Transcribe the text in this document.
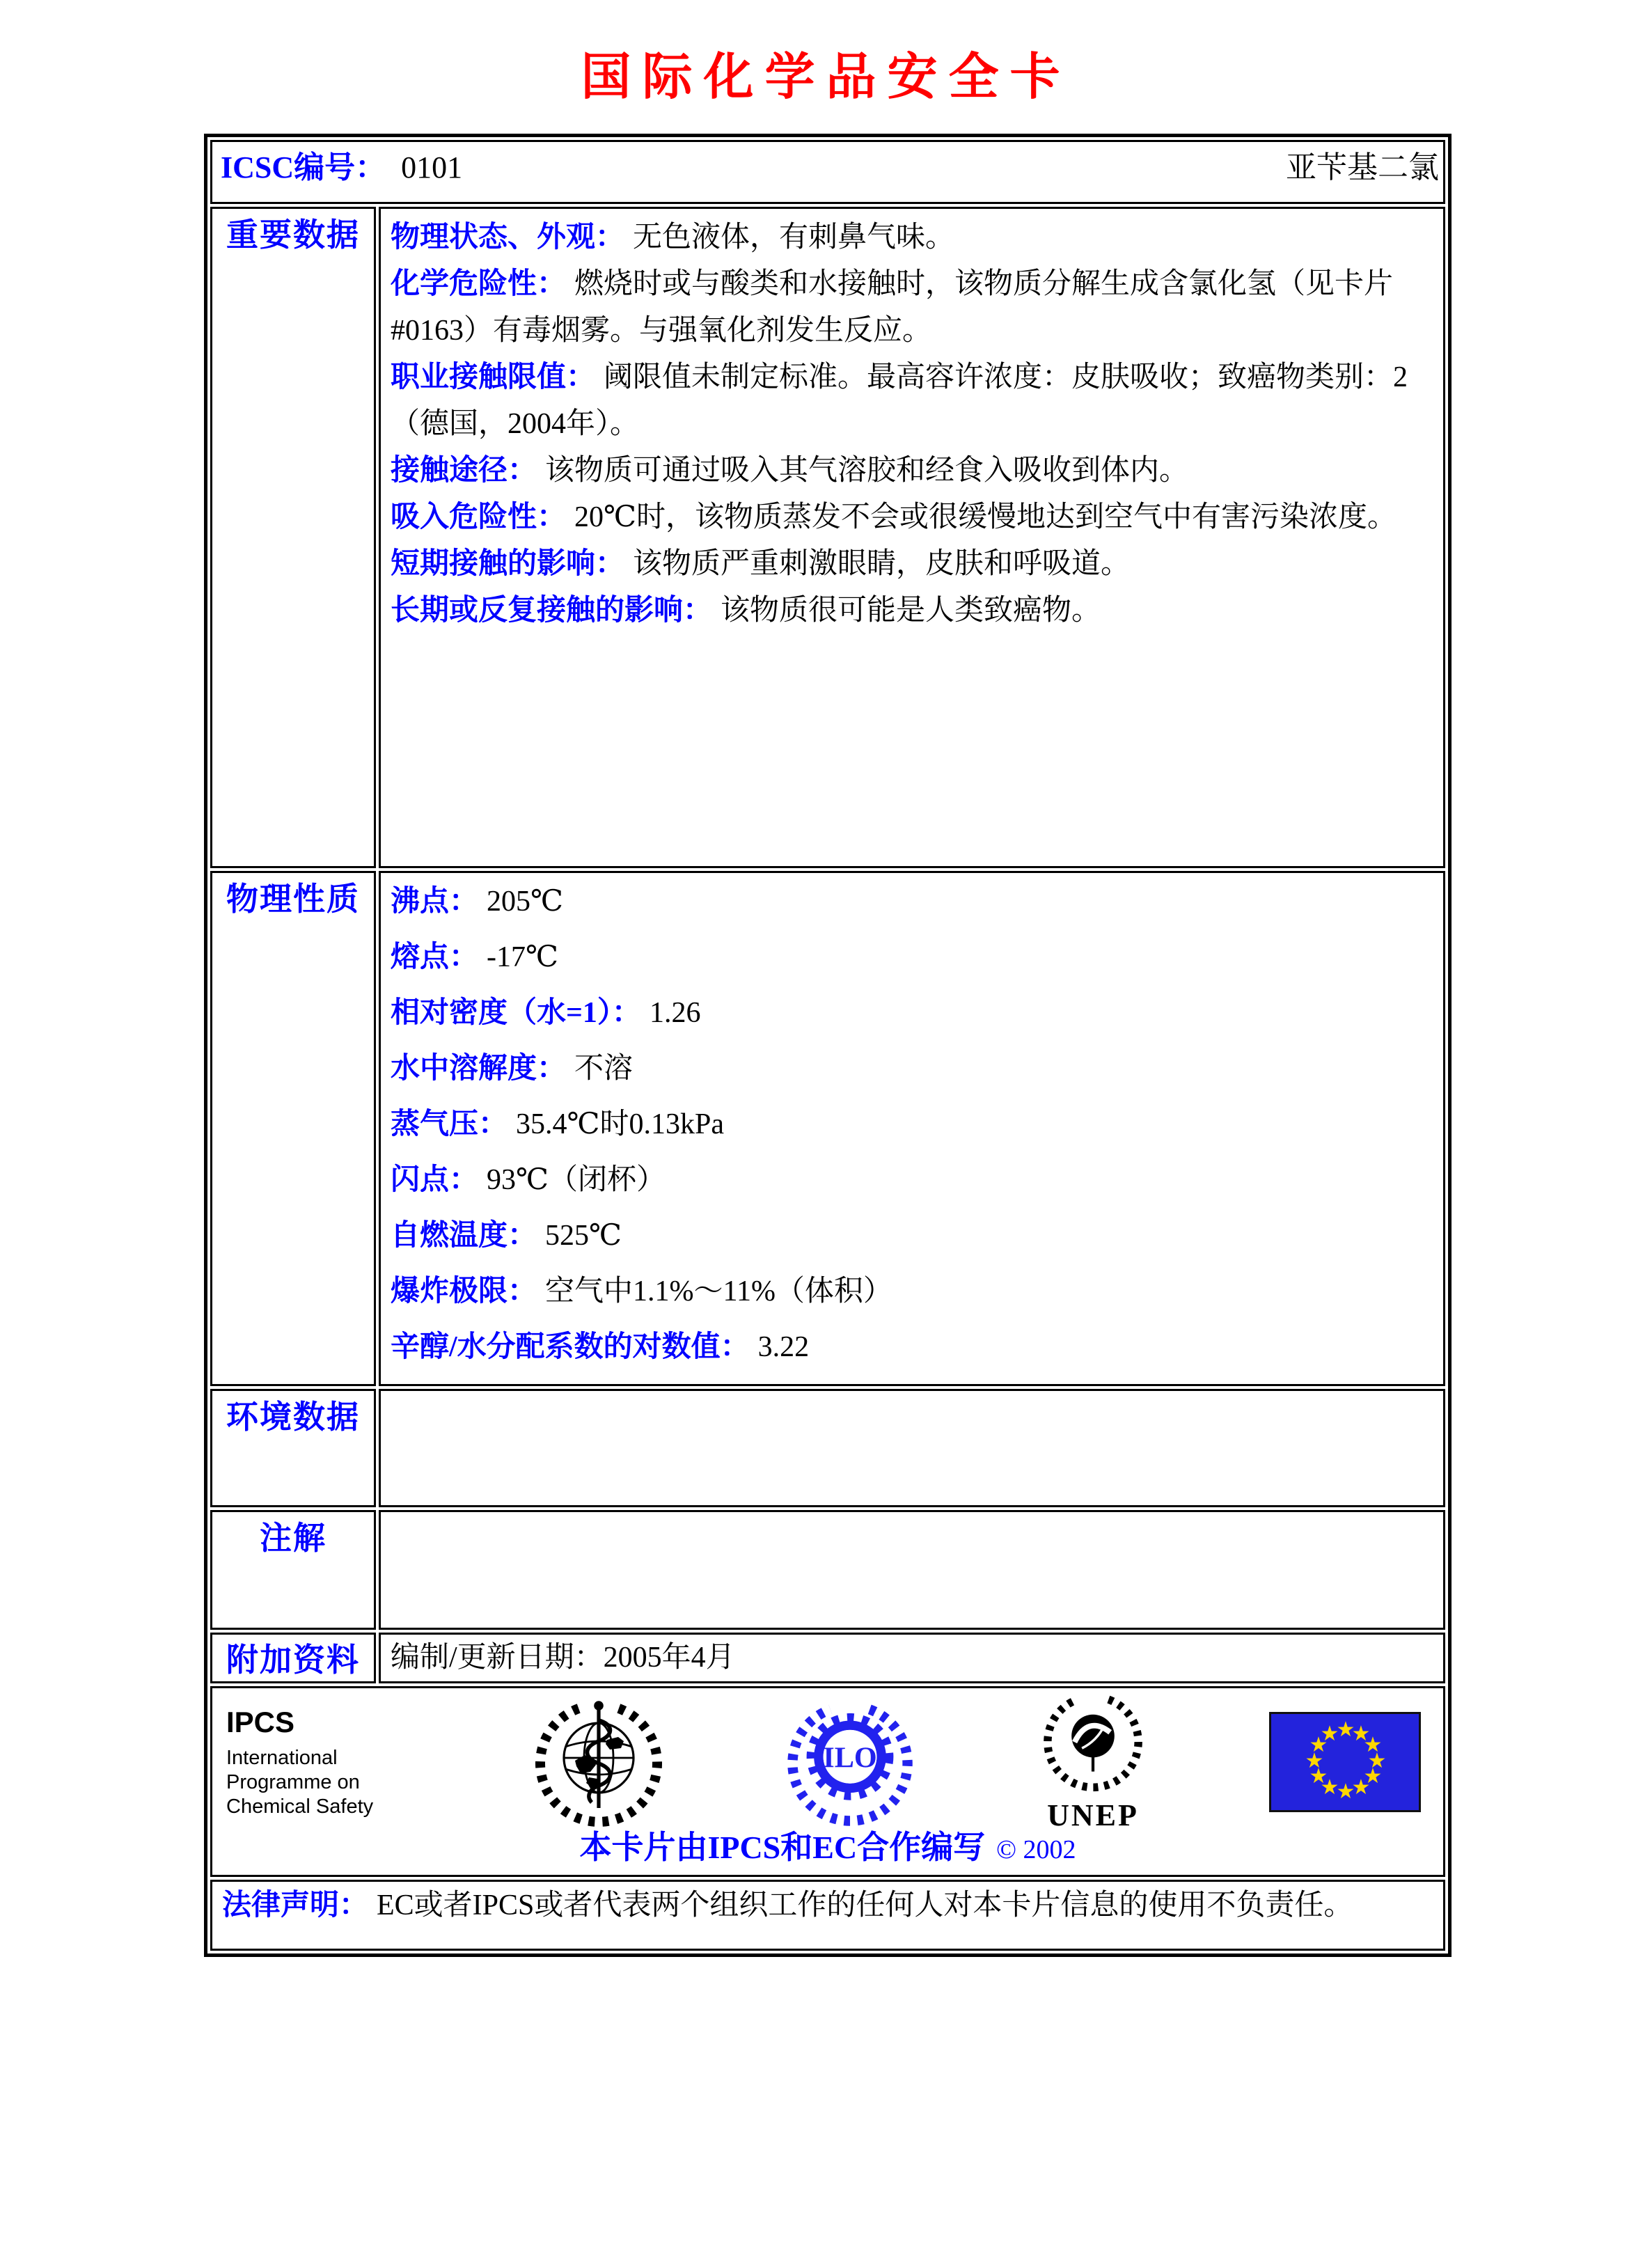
国际化学品安全卡
ICSC编号： 0101 亚苄基二氯	

重要数据	物理状态、外观： 无色液体，有刺鼻气味。

化学危险性： 燃烧时或与酸类和水接触时，该物质分解生成含氯化氢（见卡片#0163）有毒烟雾。与强氧化剂发生反应。

职业接触限值： 阈限值未制定标准。最高容许浓度：皮肤吸收；致癌物类别：2（德国，2004年）。

接触途径： 该物质可通过吸入其气溶胶和经食入吸收到体内。

吸入危险性： 20℃时，该物质蒸发不会或很缓慢地达到空气中有害污染浓度。

短期接触的影响： 该物质严重刺激眼睛，皮肤和呼吸道。

长期或反复接触的影响： 该物质很可能是人类致癌物。

物理性质	沸点： 205℃

熔点： -17℃

相对密度（水=1）： 1.26

水中溶解度： 不溶

蒸气压： 35.4℃时0.13kPa

闪点： 93℃（闭杯）

自燃温度： 525℃

爆炸极限： 空气中1.1%～11%（体积）

辛醇/水分配系数的对数值： 3.22

环境数据	
注解	
附加资料	编制/更新日期：2005年4月

IPCS
International
Programme on
Chemical Safety
ILO
UNEP
★
★
★
★
★
★
★
★
★
★
★
★
本卡片由IPCS和EC合作编写 © 2002

法律声明： EC或者IPCS或者代表两个组织工作的任何人对本卡片信息的使用不负责任。	
